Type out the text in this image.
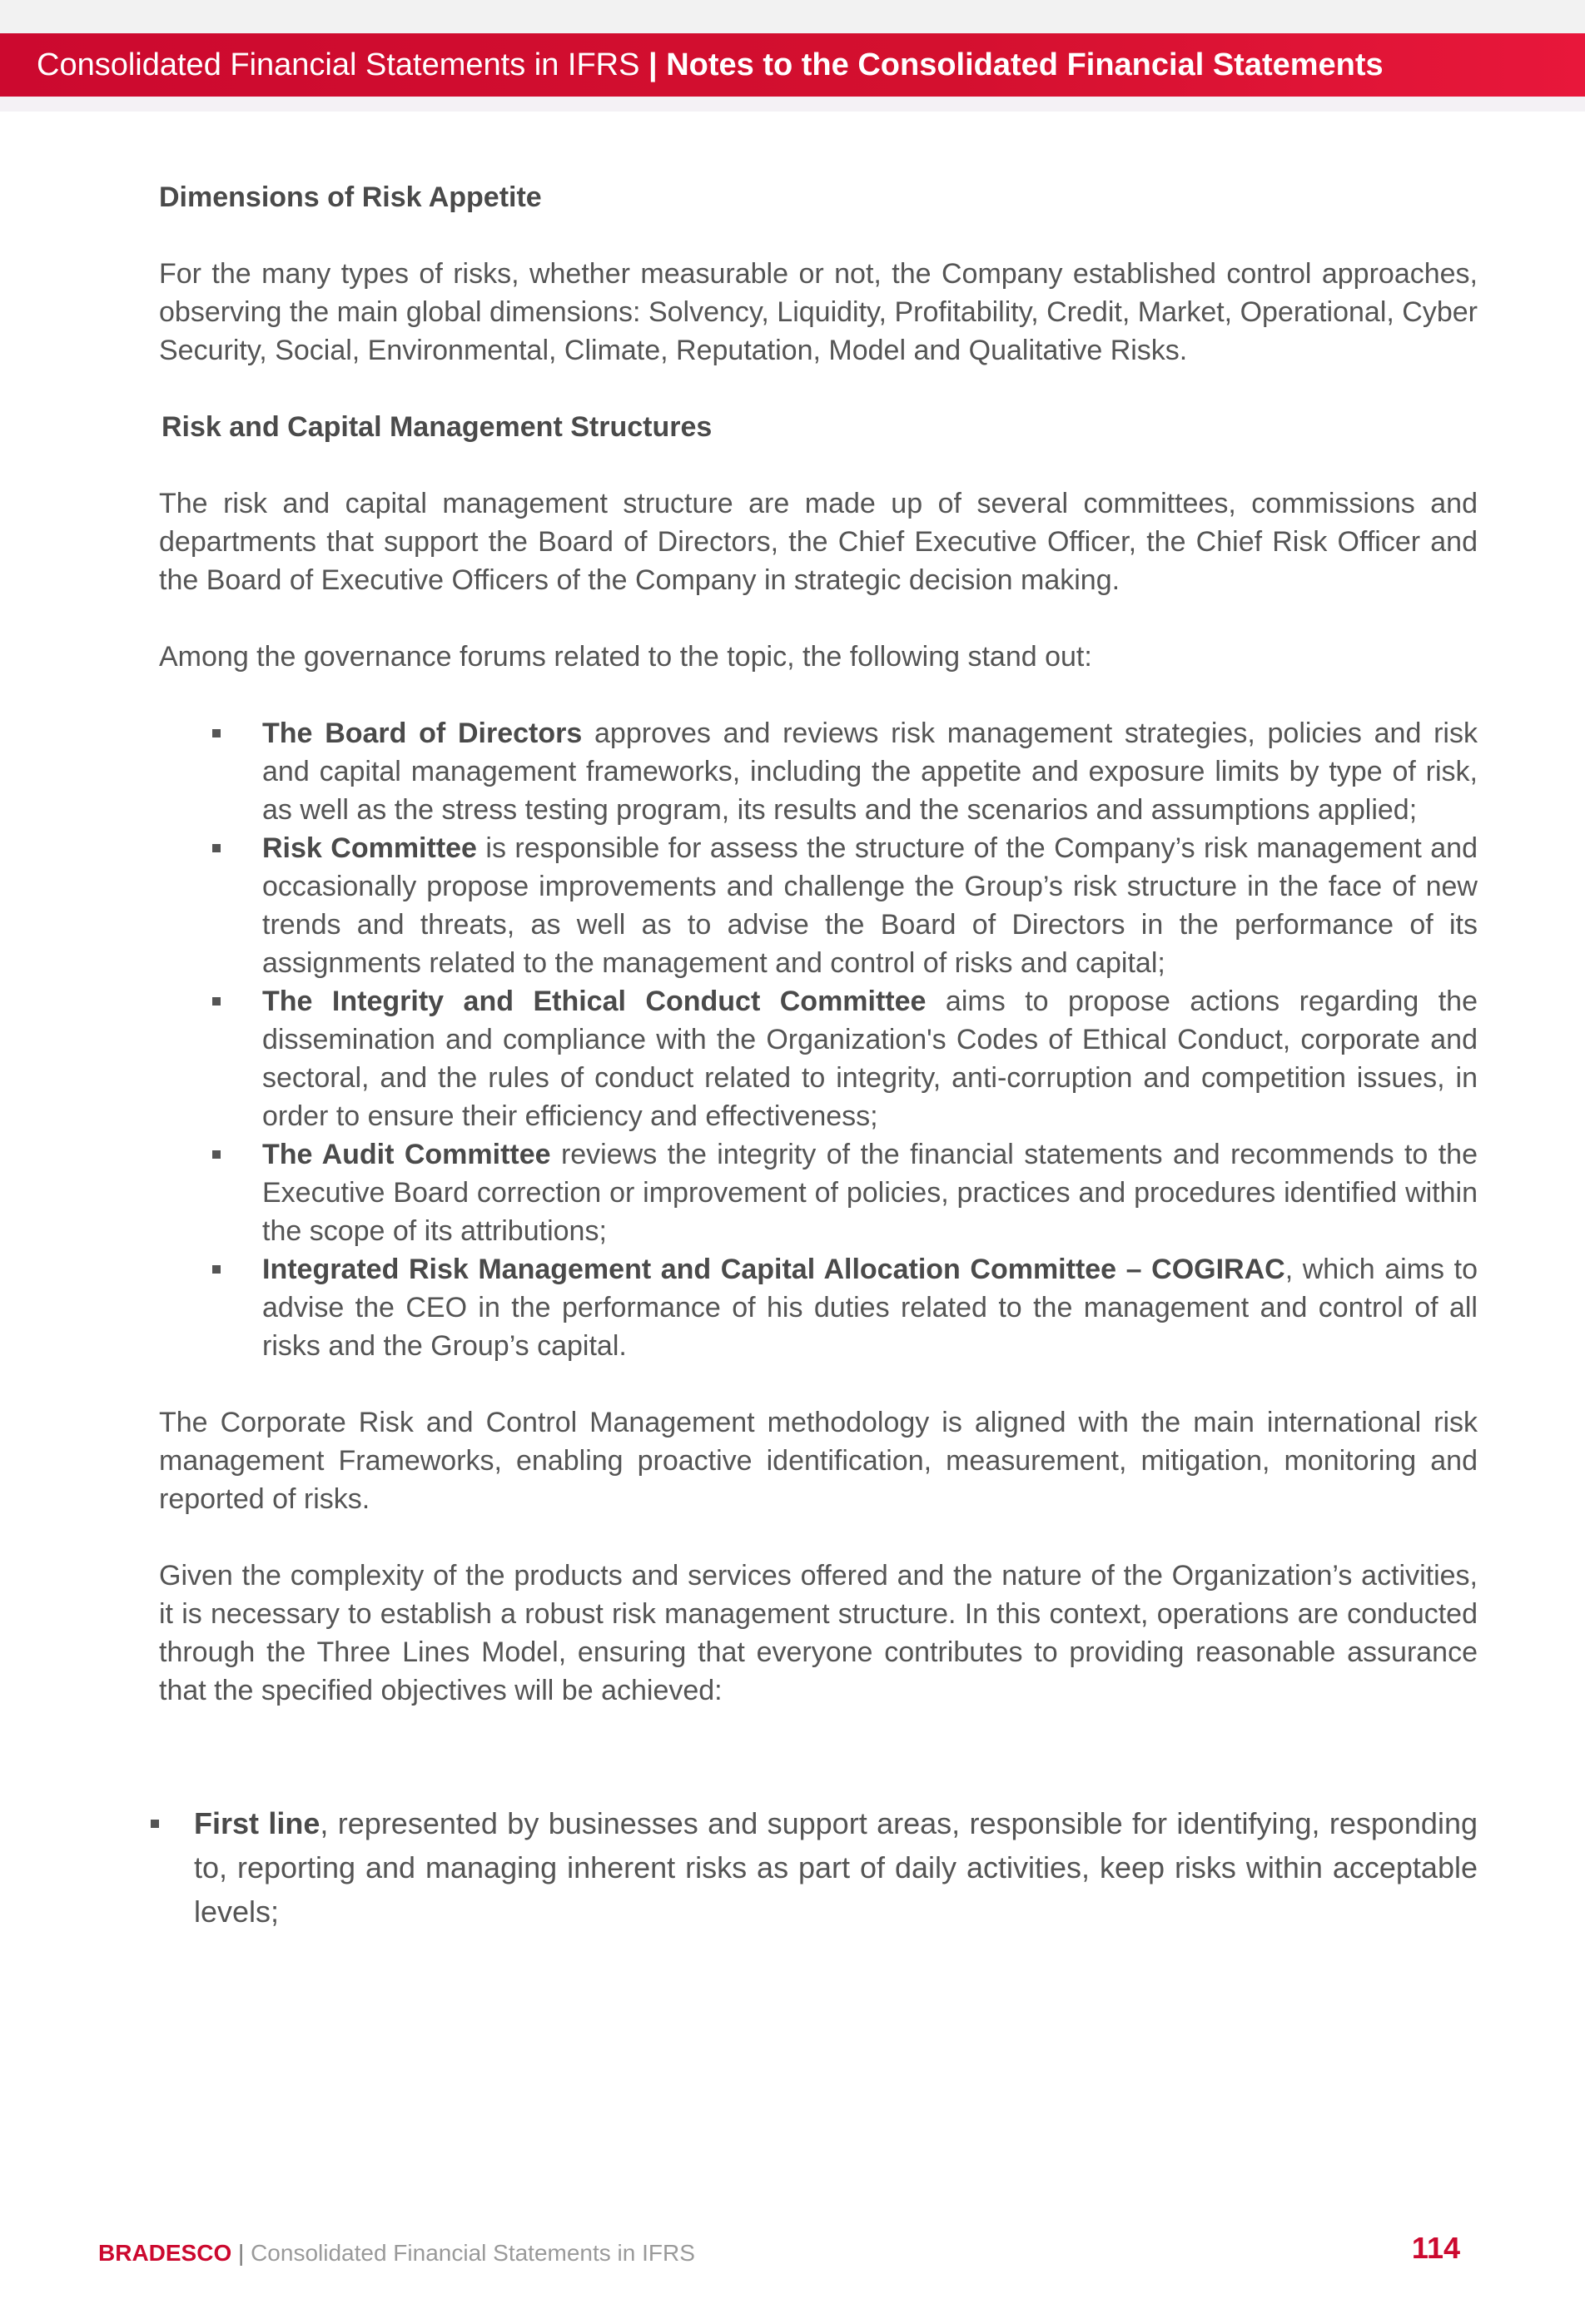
Consolidated Financial Statements in IFRS | Notes to the Consolidated Financial Statements

Dimensions of Risk Appetite

For the many types of risks, whether measurable or not, the Company established control approaches, observing the main global dimensions: Solvency, Liquidity, Profitability, Credit, Market, Operational, Cyber Security, Social, Environmental, Climate, Reputation, Model and Qualitative Risks.

Risk and Capital Management Structures

The risk and capital management structure are made up of several committees, commissions and departments that support the Board of Directors, the Chief Executive Officer, the Chief Risk Officer and the Board of Executive Officers of the Company in strategic decision making.

Among the governance forums related to the topic, the following stand out:

The Board of Directors approves and reviews risk management strategies, policies and risk and capital management frameworks, including the appetite and exposure limits by type of risk, as well as the stress testing program, its results and the scenarios and assumptions applied;
Risk Committee is responsible for assess the structure of the Company’s risk management and occasionally propose improvements and challenge the Group’s risk structure in the face of new trends and threats, as well as to advise the Board of Directors in the performance of its assignments related to the management and control of risks and capital;
The Integrity and Ethical Conduct Committee aims to propose actions regarding the dissemination and compliance with the Organization's Codes of Ethical Conduct, corporate and sectoral, and the rules of conduct related to integrity, anti-corruption and competition issues, in order to ensure their efficiency and effectiveness;
The Audit Committee reviews the integrity of the financial statements and recommends to the Executive Board correction or improvement of policies, practices and procedures identified within the scope of its attributions;
Integrated Risk Management and Capital Allocation Committee – COGIRAC, which aims to advise the CEO in the performance of his duties related to the management and control of all risks and the Group’s capital.

The Corporate Risk and Control Management methodology is aligned with the main international risk management Frameworks, enabling proactive identification, measurement, mitigation, monitoring and reported of risks.

Given the complexity of the products and services offered and the nature of the Organization’s activities, it is necessary to establish a robust risk management structure. In this context, operations are conducted through the Three Lines Model, ensuring that everyone contributes to providing reasonable assurance that the specified objectives will be achieved:

First line, represented by businesses and support areas, responsible for identifying, responding to, reporting and managing inherent risks as part of daily activities, keep risks within acceptable levels;
BRADESCO | Consolidated Financial Statements in IFRS	114
